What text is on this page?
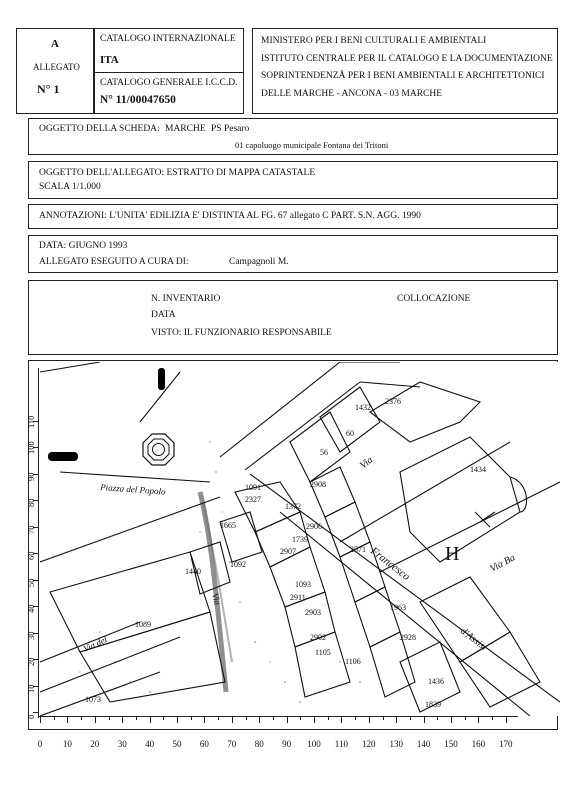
A
ALLEGATO
N° 1
CATALOGO INTERNAZIONALE
ITA
CATALOGO GENERALE I.C.C.D.
N° 11/00047650
MINISTERO PER I BENI CULTURALI E AMBIENTALI
ISTITUTO CENTRALE PER IL CATALOGO E LA DOCUMENTAZIONE
SOPRINTENDENZÅ PER I BENI AMBIENTALI E ARCHITETTONICI
DELLE MARCHE - ANCONA - 03 MARCHE
OGGETTO DELLA SCHEDA: MARCHE PS Pesaro
01 capoluogo municipale Fontana dei Tritoni
OGGETTO DELL'ALLEGATO: ESTRATTO DI MAPPA CATASTALE
SCALA 1/1.000
ANNOTAZIONI: L'UNITA' EDILIZIA E' DISTINTA AL FG. 67 allegato C PART. S.N. AGG. 1990
DATA: GIUGNO 1993
ALLEGATO ESEGUITO A CURA DI:	Campagnoli M.
N. INVENTARIO	COLLOCAZIONE
DATA
VISTO: IL FUNZIONARIO RESPONSABILE
Piazza del Popolo
Francesco
d'Assisi
Via
Via
Via del
Via Ba
H
1434
1432
2376
60
56
2908
1091
2327
1372
1665	2906
1739
2571
2907
1092
1440
1093
2911
1089
1963
2928
1105
1106
2902
2903
1073
1839
1436
0
10
20
30
40
50
60
70
80
90
100
110
0 10 20 30 40 50 60 70 80 90 100 110 120 130 140 150 160 170
